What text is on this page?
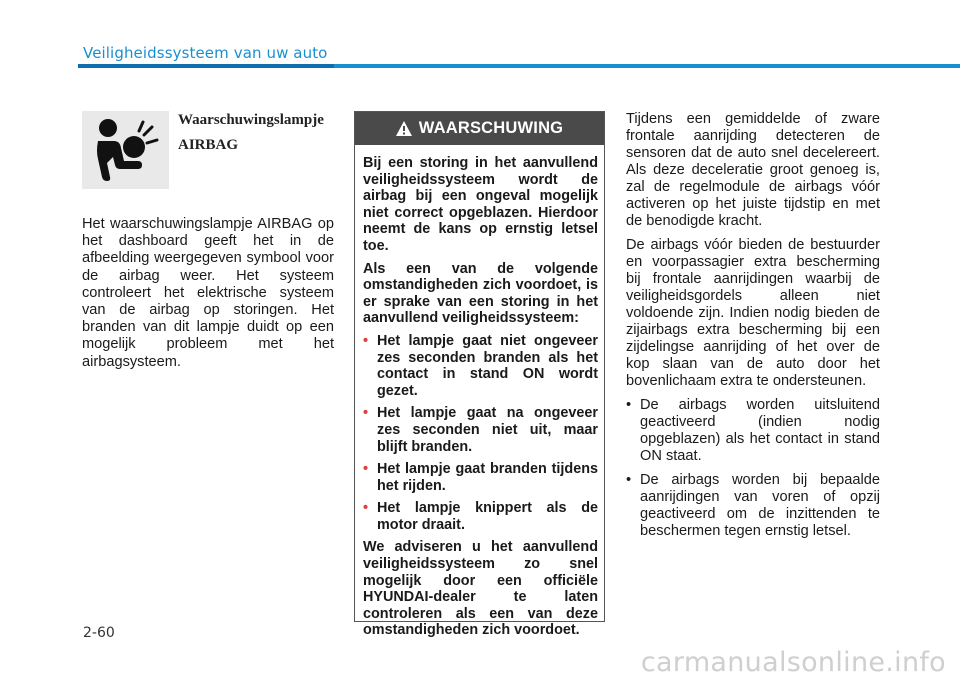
Veiligheidssysteem van uw auto
Waarschuwingslampje
AIRBAG
Het waarschuwingslampje AIRBAG op het dashboard geeft het in de afbeelding weergegeven symbool voor de airbag weer. Het systeem controleert het elektrische systeem van de airbag op storingen. Het branden van dit lampje duidt op een mogelijk probleem met het airbagsysteem.
WAARSCHUWING

Bij een storing in het aanvullend veiligheidssysteem wordt de airbag bij een ongeval mogelijk niet correct opgeblazen. Hierdoor neemt de kans op ernstig letsel toe.

Als een van de volgende omstandigheden zich voordoet, is er sprake van een storing in het aanvullend veiligheidssysteem:

• Het lampje gaat niet ongeveer zes seconden branden als het contact in stand ON wordt gezet.
• Het lampje gaat na ongeveer zes seconden niet uit, maar blijft branden.
• Het lampje gaat branden tijdens het rijden.
• Het lampje knippert als de motor draait.

We adviseren u het aanvullend veiligheidssysteem zo snel mogelijk door een officiële HYUNDAI-dealer te laten controleren als een van deze omstandigheden zich voordoet.

Tijdens een gemiddelde of zware frontale aanrijding detecteren de sensoren dat de auto snel decelereert. Als deze deceleratie groot genoeg is, zal de regelmodule de airbags vóór activeren op het juiste tijdstip en met de benodigde kracht.

De airbags vóór bieden de bestuurder en voorpassagier extra bescherming bij frontale aanrijdingen waarbij de veiligheidsgordels alleen niet voldoende zijn. Indien nodig bieden de zijairbags extra bescherming bij een zijdelingse aanrijding of het over de kop slaan van de auto door het bovenlichaam extra te ondersteunen.

• De airbags worden uitsluitend geactiveerd (indien nodig opgeblazen) als het contact in stand ON staat.
• De airbags worden bij bepaalde aanrijdingen van voren of opzij geactiveerd om de inzittenden te beschermen tegen ernstig letsel.
2-60
carmanualsonline.info
